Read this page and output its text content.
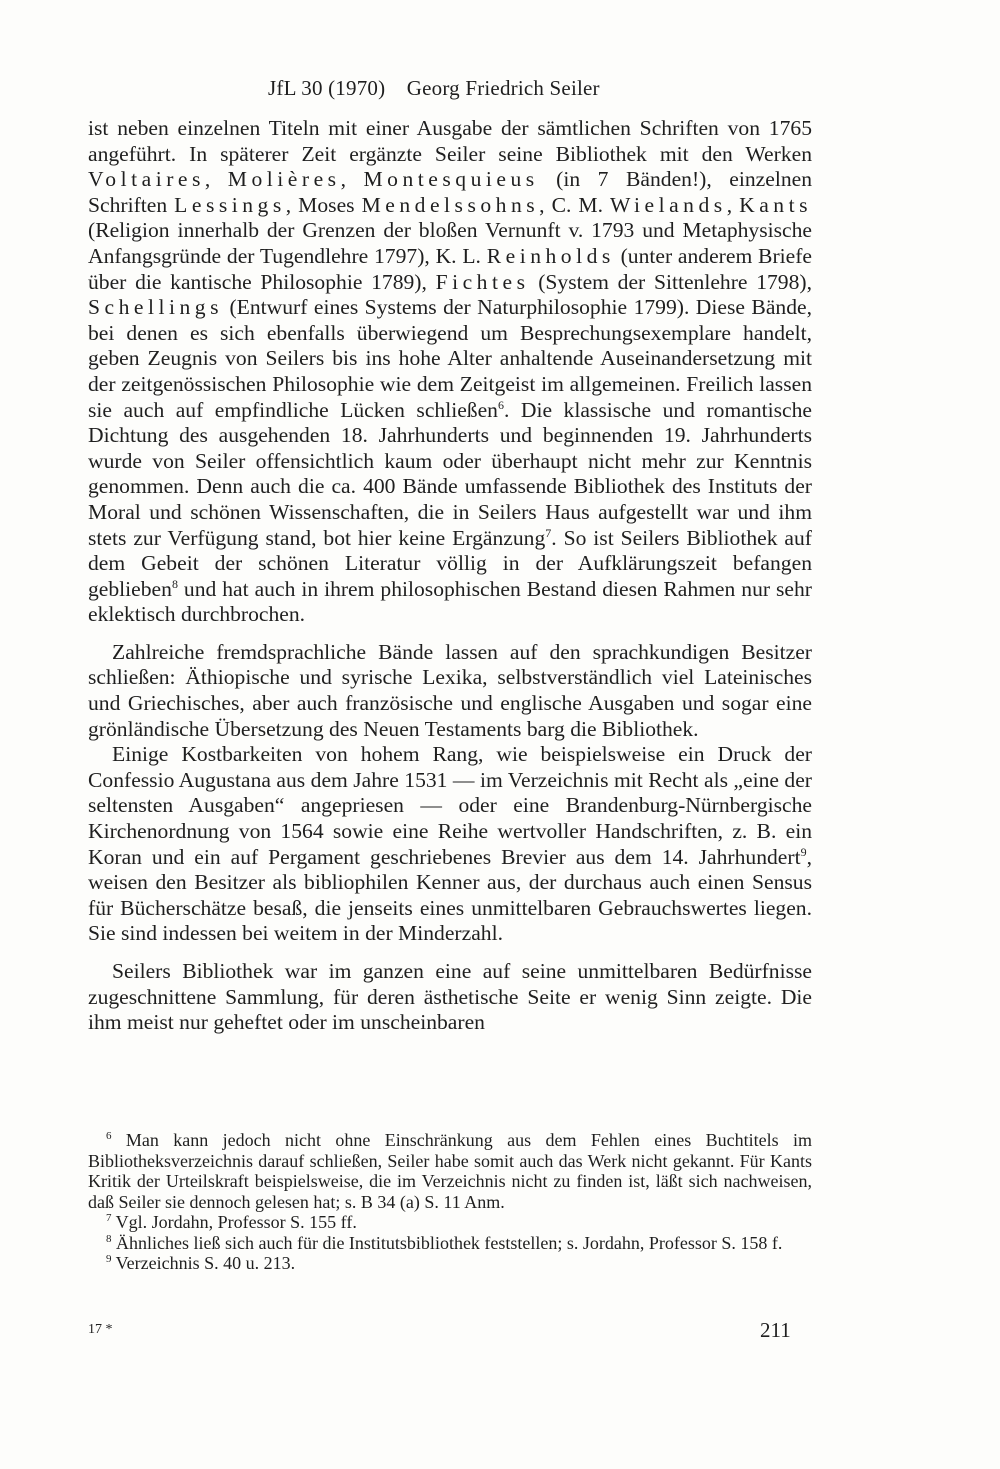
JfL 30 (1970) Georg Friedrich Seiler

ist neben einzelnen Titeln mit einer Ausgabe der sämtlichen Schriften von 1765 angeführt. In späterer Zeit ergänzte Seiler seine Bibliothek mit den Werken Voltaires, Molières, Montesquieus (in 7 Bänden!), einzelnen Schriften Lessings, Moses Mendelssohns, C. M. Wielands, Kants (Religion innerhalb der Grenzen der bloßen Vernunft v. 1793 und Metaphysische Anfangsgründe der Tugendlehre 1797), K. L. Reinholds (unter anderem Briefe über die kantische Philosophie 1789), Fichtes (System der Sittenlehre 1798), Schellings (Entwurf eines Systems der Naturphilosophie 1799). Diese Bände, bei denen es sich ebenfalls überwiegend um Besprechungsexemplare handelt, geben Zeugnis von Seilers bis ins hohe Alter anhaltende Auseinandersetzung mit der zeitgenössischen Philosophie wie dem Zeitgeist im allgemeinen. Freilich lassen sie auch auf empfindliche Lücken schließen$^6$. Die klassische und romantische Dichtung des ausgehenden 18. Jahrhunderts und beginnenden 19. Jahrhunderts wurde von Seiler offensichtlich kaum oder überhaupt nicht mehr zur Kenntnis genommen. Denn auch die ca. 400 Bände umfassende Bibliothek des Instituts der Moral und schönen Wissenschaften, die in Seilers Haus aufgestellt war und ihm stets zur Verfügung stand, bot hier keine Ergänzung$^7$. So ist Seilers Bibliothek auf dem Gebeit der schönen Literatur völlig in der Aufklärungszeit befangen geblieben$^8$ und hat auch in ihrem philosophischen Bestand diesen Rahmen nur sehr eklektisch durchbrochen.

Zahlreiche fremdsprachliche Bände lassen auf den sprachkundigen Besitzer schließen: Äthiopische und syrische Lexika, selbstverständlich viel Lateinisches und Griechisches, aber auch französische und englische Ausgaben und sogar eine grönländische Übersetzung des Neuen Testaments barg die Bibliothek.

Einige Kostbarkeiten von hohem Rang, wie beispielsweise ein Druck der Confessio Augustana aus dem Jahre 1531 — im Verzeichnis mit Recht als „eine der seltensten Ausgaben“ angepriesen — oder eine Brandenburg-Nürnbergische Kirchenordnung von 1564 sowie eine Reihe wertvoller Handschriften, z. B. ein Koran und ein auf Pergament geschriebenes Brevier aus dem 14. Jahrhundert$^9$, weisen den Besitzer als bibliophilen Kenner aus, der durchaus auch einen Sensus für Bücherschätze besaß, die jenseits eines unmittelbaren Gebrauchswertes liegen. Sie sind indessen bei weitem in der Minderzahl.

Seilers Bibliothek war im ganzen eine auf seine unmittelbaren Bedürfnisse zugeschnittene Sammlung, für deren ästhetische Seite er wenig Sinn zeigte. Die ihm meist nur geheftet oder im unscheinbaren

$^6$ Man kann jedoch nicht ohne Einschränkung aus dem Fehlen eines Buchtitels im Bibliotheksverzeichnis darauf schließen, Seiler habe somit auch das Werk nicht gekannt. Für Kants Kritik der Urteilskraft beispielsweise, die im Verzeichnis nicht zu finden ist, läßt sich nachweisen, daß Seiler sie dennoch gelesen hat; s. B 34 (a) S. 11 Anm.

$^7$ Vgl. Jordahn, Professor S. 155 ff.

$^8$ Ähnliches ließ sich auch für die Institutsbibliothek feststellen; s. Jordahn, Professor S. 158 f.

$^9$ Verzeichnis S. 40 u. 213.

17 *	211
